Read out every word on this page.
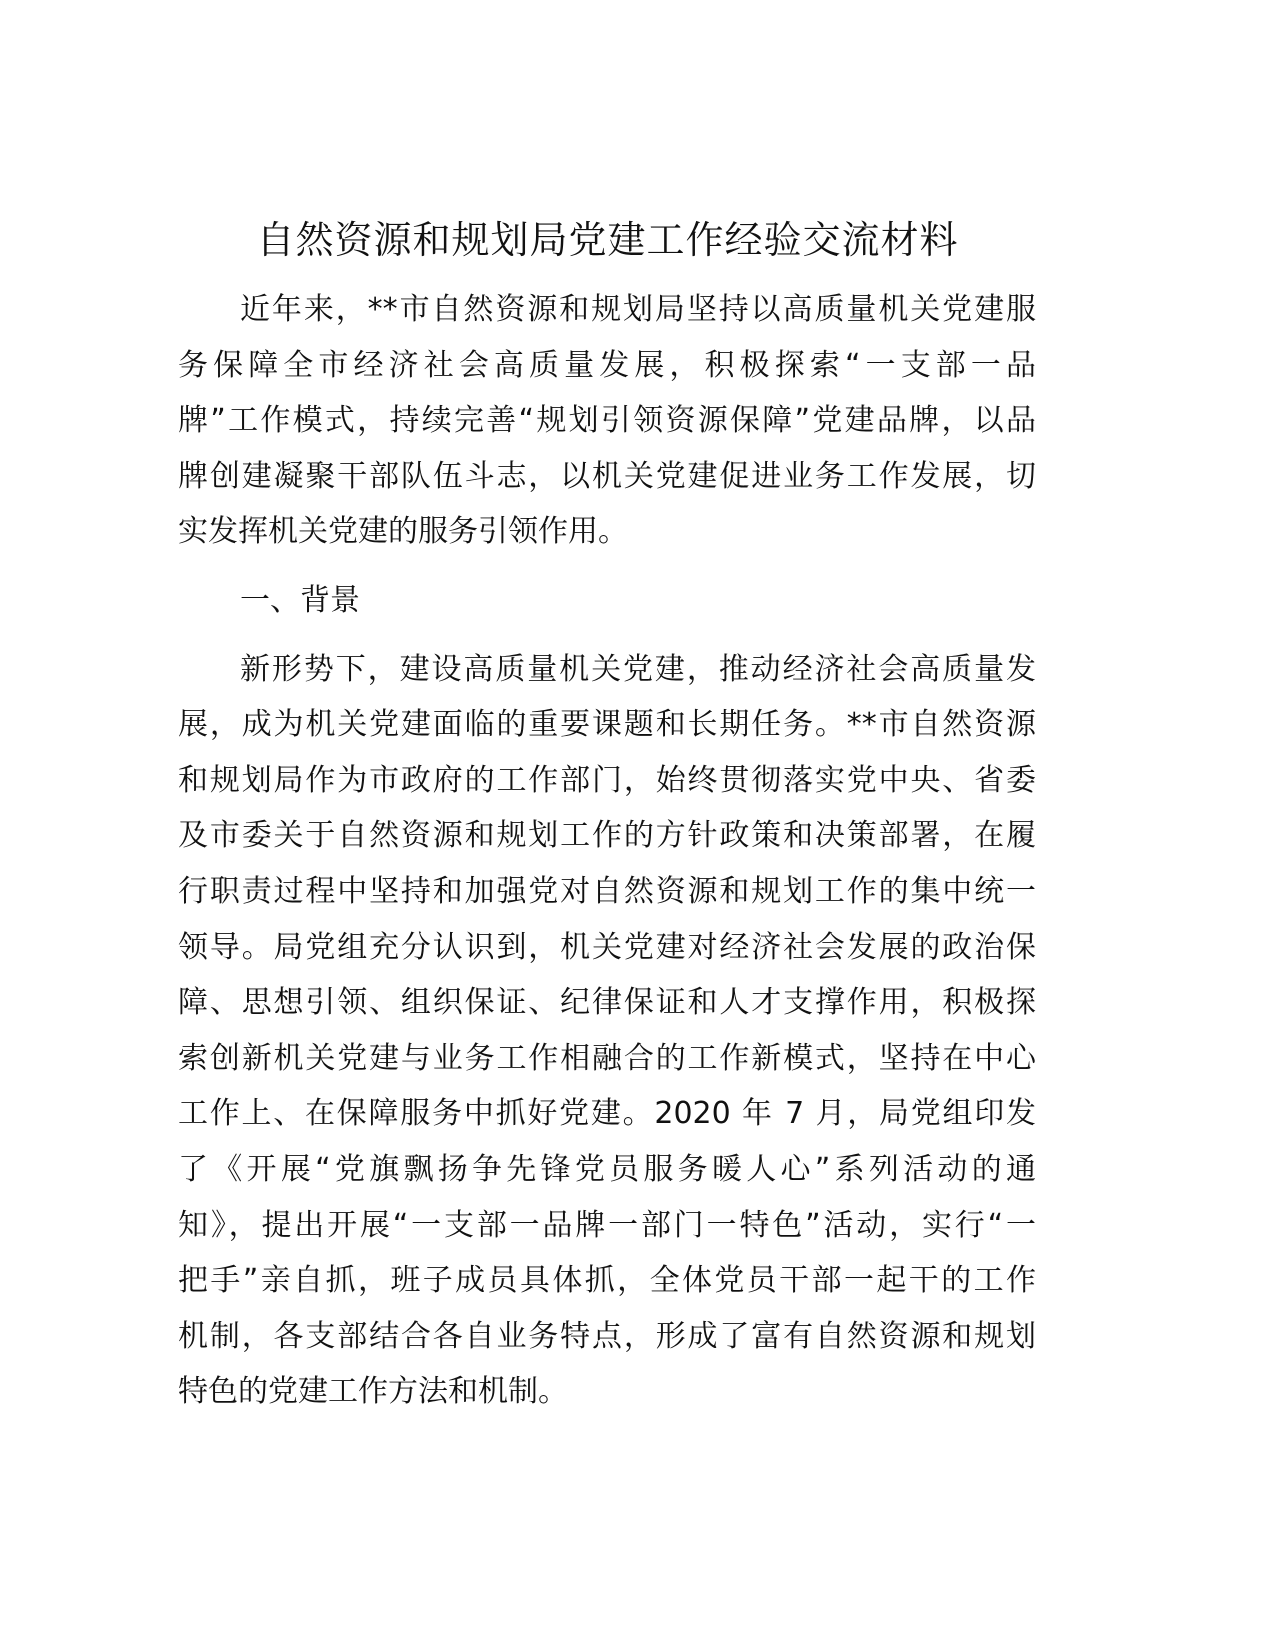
自然资源和规划局党建工作经验交流材料
近年来，**市自然资源和规划局坚持以高质量机关党建服
务保障全市经济社会高质量发展，积极探索“一支部一品
牌”工作模式，持续完善“规划引领资源保障”党建品牌，以品
牌创建凝聚干部队伍斗志，以机关党建促进业务工作发展，切
实发挥机关党建的服务引领作用。
一、背景
新形势下，建设高质量机关党建，推动经济社会高质量发
展，成为机关党建面临的重要课题和长期任务。**市自然资源
和规划局作为市政府的工作部门，始终贯彻落实党中央、省委
及市委关于自然资源和规划工作的方针政策和决策部署，在履
行职责过程中坚持和加强党对自然资源和规划工作的集中统一
领导。局党组充分认识到，机关党建对经济社会发展的政治保
障、思想引领、组织保证、纪律保证和人才支撑作用，积极探
索创新机关党建与业务工作相融合的工作新模式，坚持在中心
工作上、在保障服务中抓好党建。2020 年 7 月，局党组印发
了《开展“党旗飘扬争先锋党员服务暖人心”系列活动的通
知》，提出开展“一支部一品牌一部门一特色”活动，实行“一
把手”亲自抓，班子成员具体抓，全体党员干部一起干的工作
机制，各支部结合各自业务特点，形成了富有自然资源和规划
特色的党建工作方法和机制。
